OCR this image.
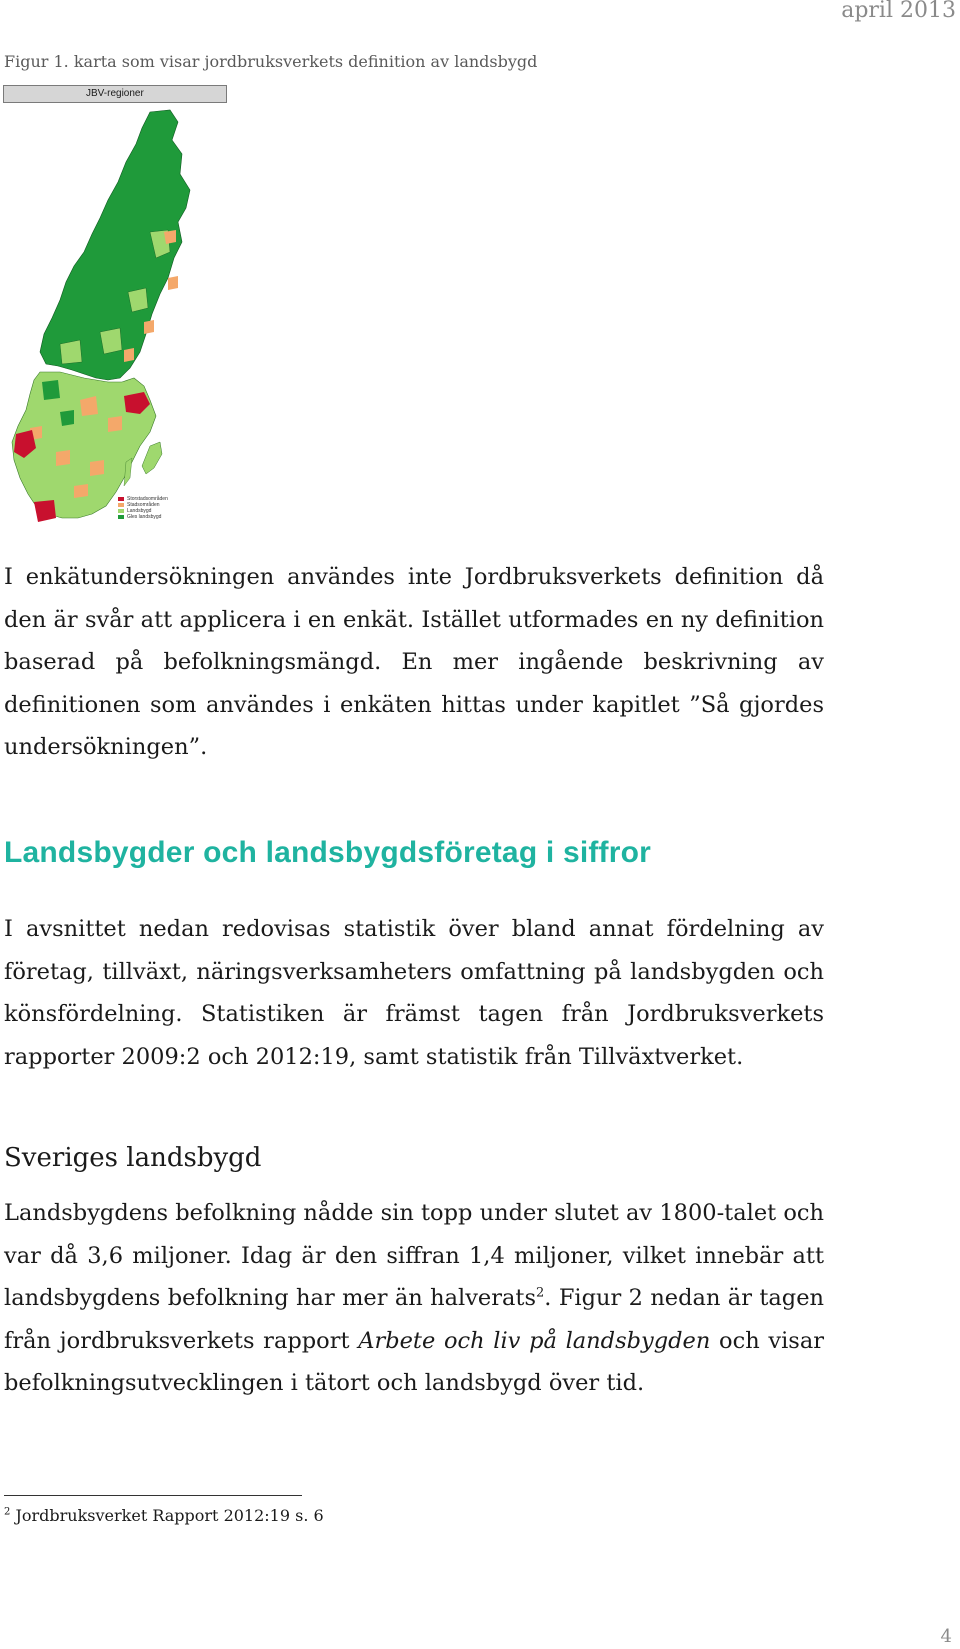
april 2013
Figur 1. karta som visar jordbruksverkets definition av landsbygd
JBV-regioner
Storstadsområden
Stadsområden
Landsbygd
Gles landsbygd
I enkätundersökningen användes inte Jordbruksverkets definition då den är svår att applicera i en enkät. Istället utformades en ny definition baserad på befolkningsmängd. En mer ingående beskrivning av definitionen som användes i enkäten hittas under kapitlet ”Så gjordes undersökningen”.
Landsbygder och landsbygdsföretag i siffror
I avsnittet nedan redovisas statistik över bland annat fördelning av företag, tillväxt, näringsverksamheters omfattning på landsbygden och könsfördelning. Statistiken är främst tagen från Jordbruksverkets rapporter 2009:2 och 2012:19, samt statistik från Tillväxtverket.
Sveriges landsbygd
Landsbygdens befolkning nådde sin topp under slutet av 1800-talet och var då 3,6 miljoner. Idag är den siffran 1,4 miljoner, vilket innebär att landsbygdens befolkning har mer än halverats$^2$. Figur 2 nedan är tagen från jordbruksverkets rapport Arbete och liv på landsbygden och visar befolkningsutvecklingen i tätort och landsbygd över tid.
$^2$ Jordbruksverket Rapport 2012:19 s. 6
4
